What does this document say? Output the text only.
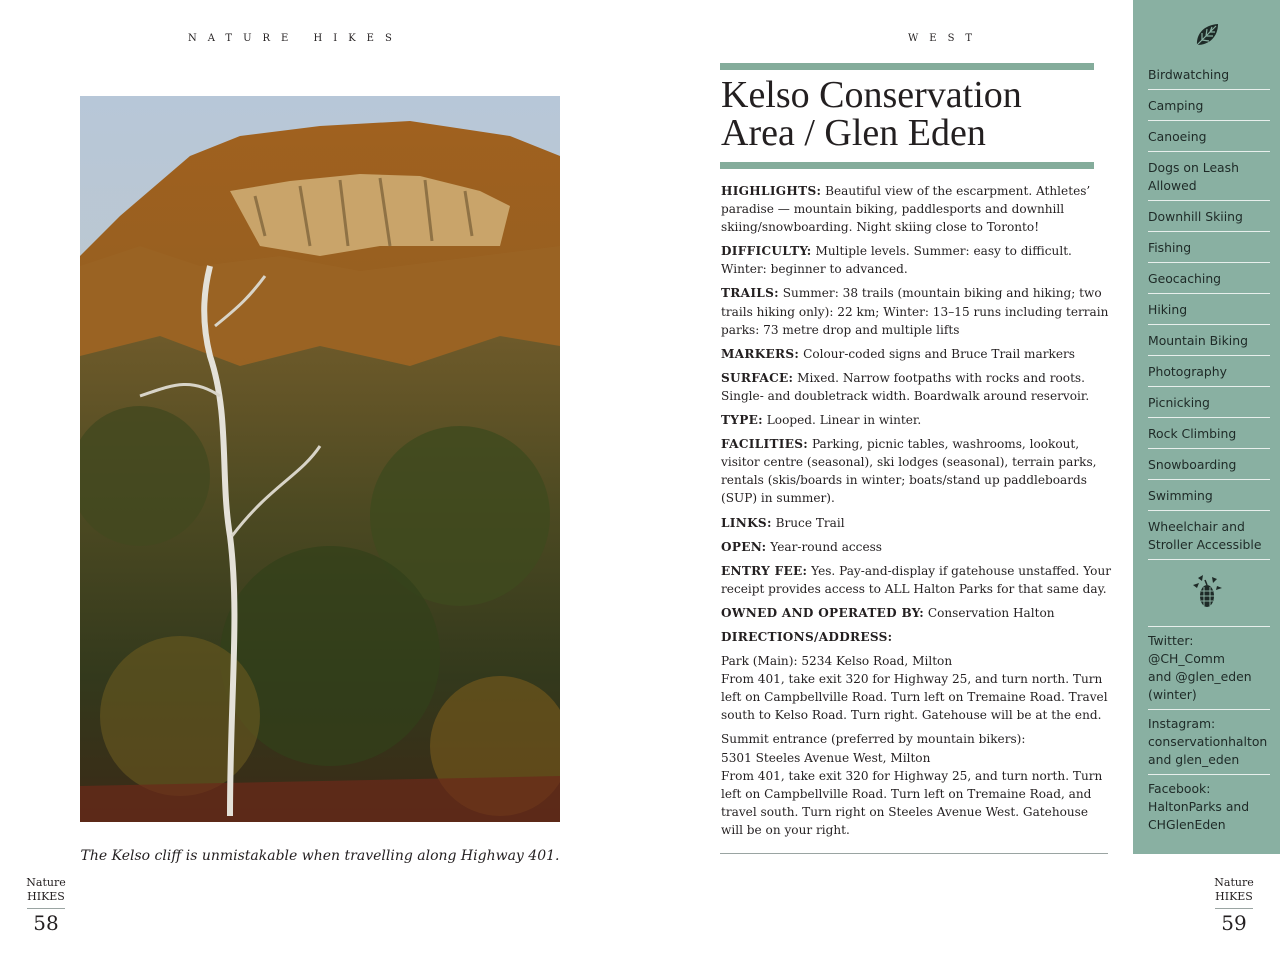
NATURE HIKES	WEST
The Kelso cliff is unmistakable when travelling along Highway 401.
Nature
HIKES
58
Nature
HIKES
59
Kelso Conservation
Area / Glen Eden

HIGHLIGHTS: Beautiful view of the escarpment. Athletes’ paradise — mountain biking, paddlesports and downhill skiing/snowboarding. Night skiing close to Toronto!

DIFFICULTY: Multiple levels. Summer: easy to difficult. Winter: beginner to advanced.

TRAILS: Summer: 38 trails (mountain biking and hiking; two trails hiking only): 22 km; Winter: 13–15 runs including terrain parks: 73 metre drop and multiple lifts

MARKERS: Colour-coded signs and Bruce Trail markers

SURFACE: Mixed. Narrow footpaths with rocks and roots. Single- and doubletrack width. Boardwalk around reservoir.

TYPE: Looped. Linear in winter.

FACILITIES: Parking, picnic tables, washrooms, lookout, visitor centre (seasonal), ski lodges (seasonal), terrain parks, rentals (skis/boards in winter; boats/stand up paddleboards (SUP) in summer).

LINKS: Bruce Trail

OPEN: Year-round access

ENTRY FEE: Yes. Pay-and-display if gatehouse unstaffed. Your receipt provides access to ALL Halton Parks for that same day.

OWNED AND OPERATED BY: Conservation Halton

DIRECTIONS/ADDRESS:

Park (Main): 5234 Kelso Road, Milton
From 401, take exit 320 for Highway 25, and turn north. Turn left on Campbellville Road. Turn left on Tremaine Road. Travel south to Kelso Road. Turn right. Gatehouse will be at the end.

Summit entrance (preferred by mountain bikers):
5301 Steeles Avenue West, Milton
From 401, take exit 320 for Highway 25, and turn north. Turn left on Campbellville Road. Turn left on Tremaine Road, and travel south. Turn right on Steeles Avenue West. Gatehouse will be on your right.

Birdwatching
Camping
Canoeing
Dogs on Leash Allowed
Downhill Skiing
Fishing
Geocaching
Hiking
Mountain Biking
Photography
Picnicking
Rock Climbing
Snowboarding
Swimming
Wheelchair and Stroller Accessible
Twitter:
@CH_Comm
and @glen_eden
(winter)
Instagram:
conservationhalton
and glen_eden
Facebook:
HaltonParks and
CHGlenEden
